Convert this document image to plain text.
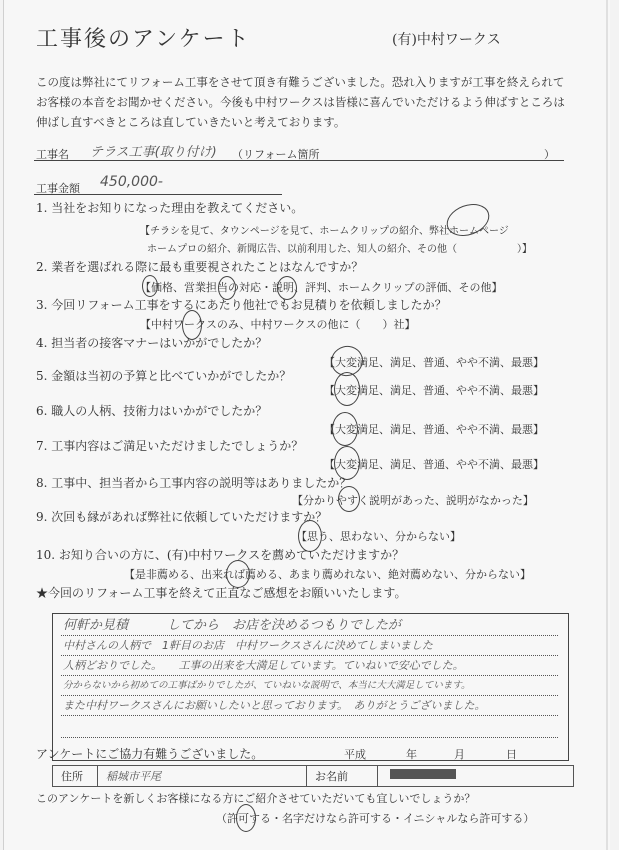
工事後のアンケート	(有)中村ワークス
この度は弊社にてリフォーム工事をさせて頂き有難うございました。恐れ入りますが工事を終えられてお客様の本音をお聞かせください。今後も中村ワークスは皆様に喜んでいただけるよう伸ばすところは伸ばし直すべきところは直していきたいと考えております。
工事名 テラス工事(取り付け) （リフォーム箇所	）
工事金額 450,000-
1. 当社をお知りになった理由を教えてください。
【チラシを見て、タウンページを見て、ホームクリップの紹介、弊社ホームページ
ホームプロの紹介、新聞広告、以前利用した、知人の紹介、その他（　　　　　　）】
2. 業者を選ばれる際に最も重要視されたことはなんですか？
【価格、営業担当の対応・説明、評判、ホームクリップの評価、その他】
3. 今回リフォーム工事をするにあたり他社でもお見積りを依頼しましたか？
【中村ワークスのみ、中村ワークスの他に（　　）社】
4. 担当者の接客マナーはいかがでしたか？
【大変満足、満足、普通、やや不満、最悪】
5. 金額は当初の予算と比べていかがでしたか？
【大変満足、満足、普通、やや不満、最悪】
6. 職人の人柄、技術力はいかがでしたか？
【大変満足、満足、普通、やや不満、最悪】
7. 工事内容はご満足いただけましたでしょうか？
【大変満足、満足、普通、やや不満、最悪】
8. 工事中、担当者から工事内容の説明等はありましたか？
【分かりやすく説明があった、説明がなかった】
9. 次回も縁があれば弊社に依頼していただけますか？
【思う、思わない、分からない】
10. お知り合いの方に、(有)中村ワークスを薦めていただけますか？
【是非薦める、出来れば薦める、あまり薦めれない、絶対薦めない、分からない】
★今回のリフォーム工事を終えて正直なご感想をお願いいたします。
何軒か見積　　　してから　お店を決めるつもりでしたが
中村さんの人柄で　1軒目のお店　中村ワークスさんに決めてしまいました
人柄どおりでした。　　工事の出来を大満足しています。ていねいで安心でした。
分からないから初めての工事ばかりでしたが、ていねいな説明で、本当に大大満足しています。
また中村ワークスさんにお願いしたいと思っております。　ありがとうございました。
アンケートにご協力有難うございました。	平成	年	月	日
住所	稲城市平尾	お名前
このアンケートを新しくお客様になる方にご紹介させていただいても宜しいでしょうか？
（許可する・名字だけなら許可する・イニシャルなら許可する）
